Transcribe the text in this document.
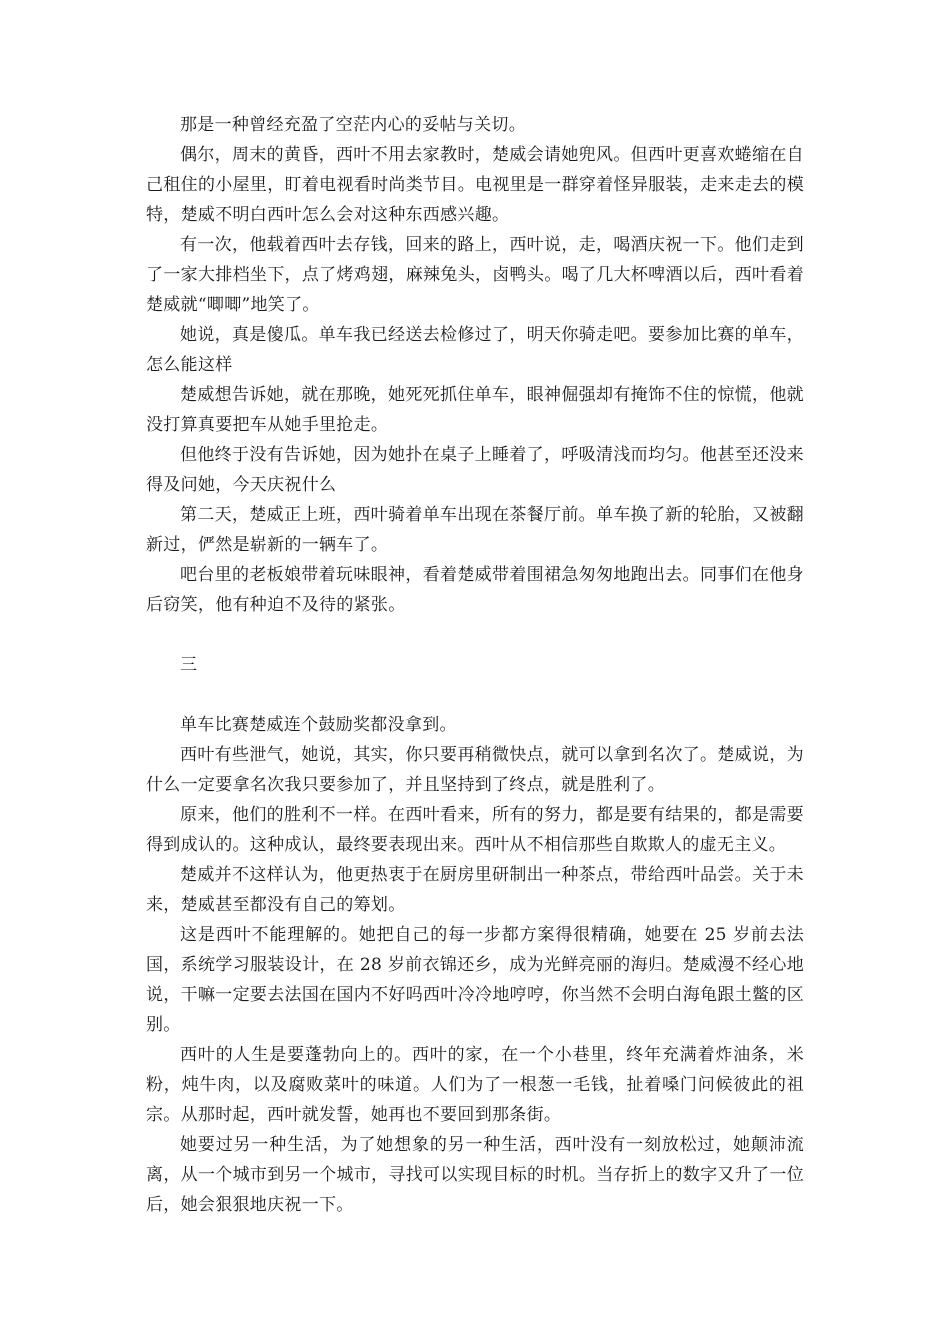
那是一种曾经充盈了空茫内心的妥帖与关切。

偶尔，周末的黄昏，西叶不用去家教时，楚威会请她兜风。但西叶更喜欢蜷缩在自己租住的小屋里，盯着电视看时尚类节目。电视里是一群穿着怪异服装，走来走去的模特，楚威不明白西叶怎么会对这种东西感兴趣。

有一次，他载着西叶去存钱，回来的路上，西叶说，走，喝酒庆祝一下。他们走到了一家大排档坐下，点了烤鸡翅，麻辣兔头，卤鸭头。喝了几大杯啤酒以后，西叶看着楚威就“唧唧”地笑了。

她说，真是傻瓜。单车我已经送去检修过了，明天你骑走吧。要参加比赛的单车，怎么能这样

楚威想告诉她，就在那晚，她死死抓住单车，眼神倔强却有掩饰不住的惊慌，他就没打算真要把车从她手里抢走。

但他终于没有告诉她，因为她扑在桌子上睡着了，呼吸清浅而均匀。他甚至还没来得及问她，今天庆祝什么

第二天，楚威正上班，西叶骑着单车出现在茶餐厅前。单车换了新的轮胎，又被翻新过，俨然是崭新的一辆车了。

吧台里的老板娘带着玩味眼神，看着楚威带着围裙急匆匆地跑出去。同事们在他身后窃笑，他有种迫不及待的紧张。

三

单车比赛楚威连个鼓励奖都没拿到。

西叶有些泄气，她说，其实，你只要再稍微快点，就可以拿到名次了。楚威说，为什么一定要拿名次我只要参加了，并且坚持到了终点，就是胜利了。

原来，他们的胜利不一样。在西叶看来，所有的努力，都是要有结果的，都是需要得到成认的。这种成认，最终要表现出来。西叶从不相信那些自欺欺人的虚无主义。

楚威并不这样认为，他更热衷于在厨房里研制出一种茶点，带给西叶品尝。关于未来，楚威甚至都没有自己的筹划。

这是西叶不能理解的。她把自己的每一步都方案得很精确，她要在 25 岁前去法国，系统学习服装设计，在 28 岁前衣锦还乡，成为光鲜亮丽的海归。楚威漫不经心地说，干嘛一定要去法国在国内不好吗西叶冷冷地哼哼，你当然不会明白海龟跟土鳖的区别。

西叶的人生是要蓬勃向上的。西叶的家，在一个小巷里，终年充满着炸油条，米粉，炖牛肉，以及腐败菜叶的味道。人们为了一根葱一毛钱，扯着嗓门问候彼此的祖宗。从那时起，西叶就发誓，她再也不要回到那条街。

她要过另一种生活，为了她想象的另一种生活，西叶没有一刻放松过，她颠沛流离，从一个城市到另一个城市，寻找可以实现目标的时机。当存折上的数字又升了一位后，她会狠狠地庆祝一下。
